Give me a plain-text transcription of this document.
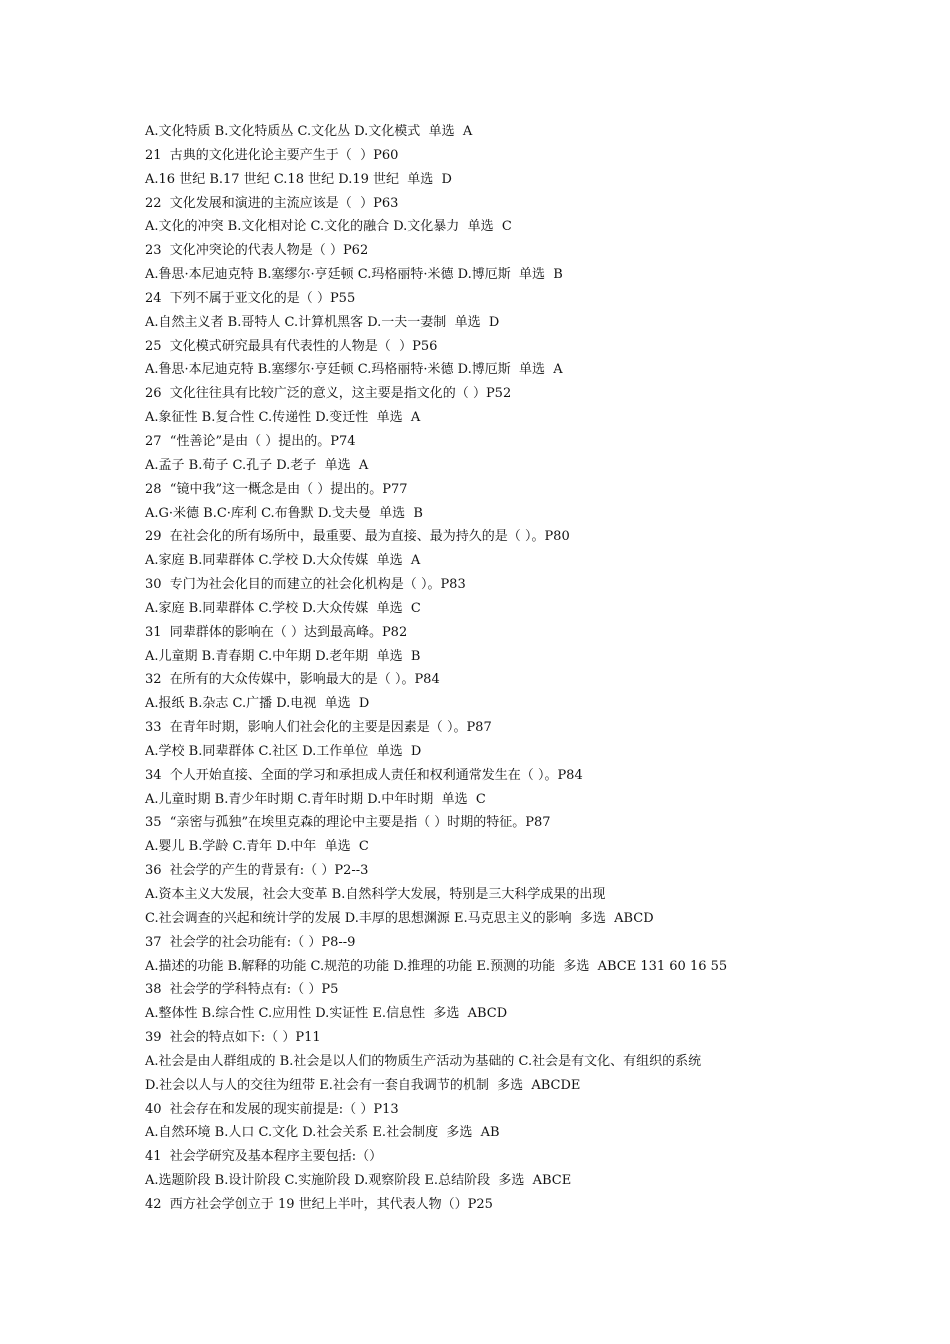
A.文化特质 B.文化特质丛 C.文化丛 D.文化模式  单选  A

21  古典的文化进化论主要产生于（  ）P60

A.16 世纪 B.17 世纪 C.18 世纪 D.19 世纪  单选  D

22  文化发展和演进的主流应该是（  ）P63

A.文化的冲突 B.文化相对论 C.文化的融合 D.文化暴力  单选  C

23  文化冲突论的代表人物是（ ）P62

A.鲁思·本尼迪克特 B.塞缪尔·亨廷顿 C.玛格丽特·米德 D.博厄斯  单选  B

24  下列不属于亚文化的是（ ）P55

A.自然主义者 B.哥特人 C.计算机黑客 D.一夫一妻制  单选  D

25  文化模式研究最具有代表性的人物是（  ）P56

A.鲁思·本尼迪克特 B.塞缪尔·亨廷顿 C.玛格丽特·米德 D.博厄斯  单选  A

26  文化往往具有比较广泛的意义，这主要是指文化的（ ）P52

A.象征性 B.复合性 C.传递性 D.变迁性  单选  A

27  “性善论”是由（ ）提出的。P74

A.孟子 B.荀子 C.孔子 D.老子  单选  A

28  “镜中我”这一概念是由（ ）提出的。P77

A.G·米德 B.C·库利 C.布鲁默 D.戈夫曼  单选  B

29  在社会化的所有场所中，最重要、最为直接、最为持久的是（ ）。P80

A.家庭 B.同辈群体 C.学校 D.大众传媒  单选  A

30  专门为社会化目的而建立的社会化机构是（ ）。P83

A.家庭 B.同辈群体 C.学校 D.大众传媒  单选  C

31  同辈群体的影响在（ ）达到最高峰。P82

A.儿童期 B.青春期 C.中年期 D.老年期  单选  B

32  在所有的大众传媒中，影响最大的是（ ）。P84

A.报纸 B.杂志 C.广播 D.电视  单选  D

33  在青年时期，影响人们社会化的主要是因素是（ ）。P87

A.学校 B.同辈群体 C.社区 D.工作单位  单选  D

34  个人开始直接、全面的学习和承担成人责任和权利通常发生在（ ）。P84

A.儿童时期 B.青少年时期 C.青年时期 D.中年时期  单选  C

35  “亲密与孤独”在埃里克森的理论中主要是指（ ）时期的特征。P87

A.婴儿 B.学龄 C.青年 D.中年  单选  C

36  社会学的产生的背景有:（ ）P2--3

A.资本主义大发展，社会大变革 B.自然科学大发展，特别是三大科学成果的出现

C.社会调查的兴起和统计学的发展 D.丰厚的思想渊源 E.马克思主义的影响  多选  ABCD

37  社会学的社会功能有:（ ）P8--9

A.描述的功能 B.解释的功能 C.规范的功能 D.推理的功能 E.预测的功能  多选  ABCE 131 60 16 55

38  社会学的学科特点有:（ ）P5

A.整体性 B.综合性 C.应用性 D.实证性 E.信息性  多选  ABCD

39  社会的特点如下:（ ）P11

A.社会是由人群组成的 B.社会是以人们的物质生产活动为基础的 C.社会是有文化、有组织的系统

D.社会以人与人的交往为纽带 E.社会有一套自我调节的机制  多选  ABCDE

40  社会存在和发展的现实前提是:（ ）P13

A.自然环境 B.人口 C.文化 D.社会关系 E.社会制度  多选  AB

41  社会学研究及基本程序主要包括:（）

A.选题阶段 B.设计阶段 C.实施阶段 D.观察阶段 E.总结阶段  多选  ABCE

42  西方社会学创立于 19 世纪上半叶，其代表人物（）P25
